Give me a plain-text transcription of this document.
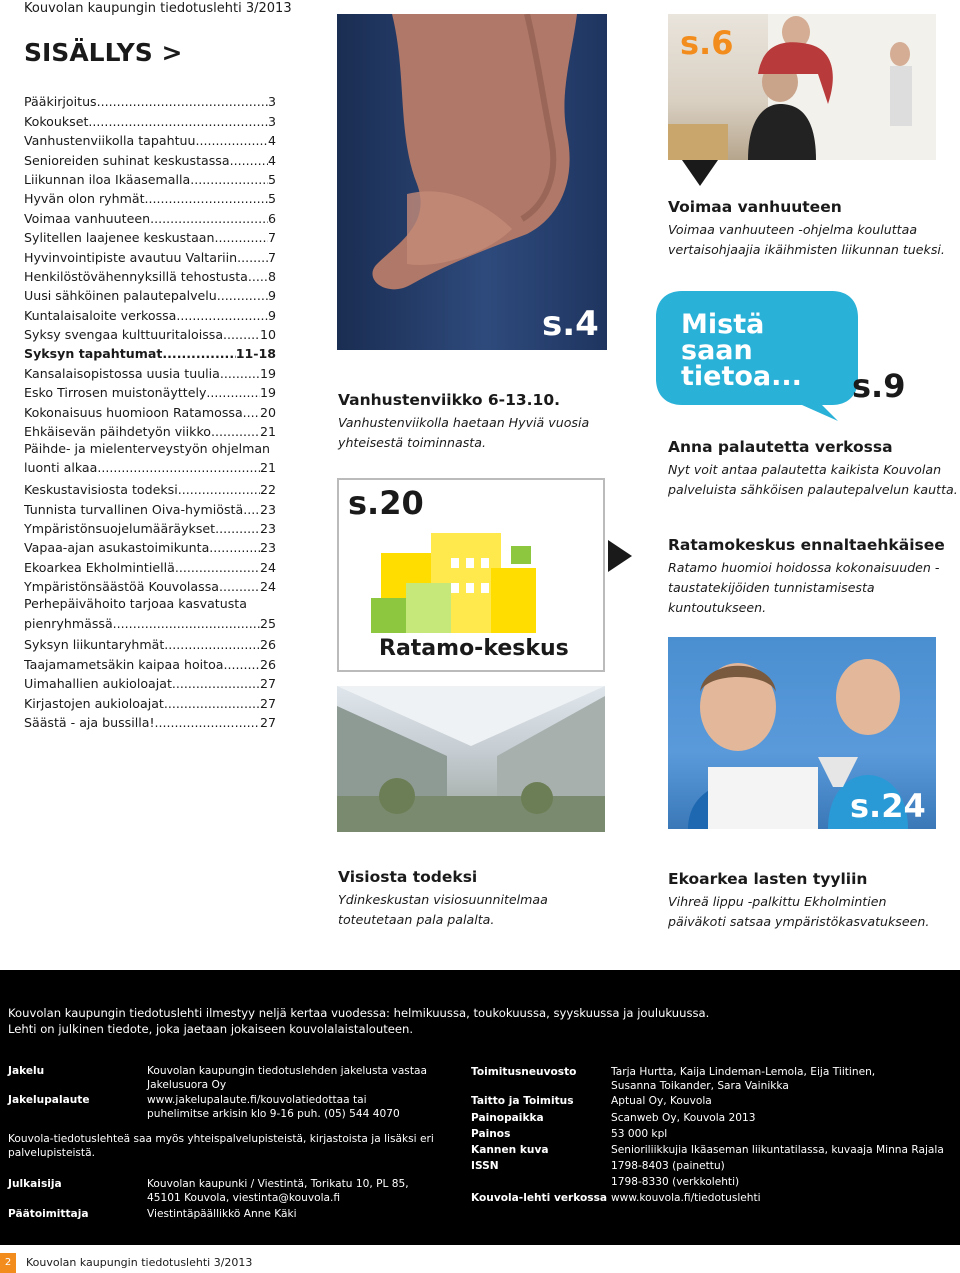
Kouvolan kaupungin tiedotuslehti 3/2013
SISÄLLYS >
Pääkirjoitus .....	3
Kokoukset .....	3
Vanhustenviikolla tapahtuu .....	4
Senioreiden suhinat keskustassa .....	4
Liikunnan iloa Ikäasemalla .....	5
Hyvän olon ryhmät .....	5
Voimaa vanhuuteen .....	6
Sylitellen laajenee keskustaan .....	7
Hyvinvointipiste avautuu Valtariin ..... 7
Henkilöstövähennyksillä tehostusta ..... 8
Uusi sähköinen palautepalvelu .....	9
Kuntalaisaloite verkossa .....	9
Syksy svengaa kulttuuritaloissa .....	10
Syksyn tapahtumat .....	11-18
Kansalaisopistossa uusia tuulia .....	19
Esko Tirrosen muistonäyttely .....	19
Kokonaisuus huomioon Ratamossa ..... 20
Ehkäisevän päihdetyön viikko .....	21
Päihde- ja mielenterveystyön ohjelman
luonti alkaa .....	21
Keskustavisiosta todeksi .....	22
Tunnista turvallinen Oiva-hymiöstä ..... 23
Ympäristönsuojelumääräykset .....	23
Vapaa-ajan asukastoimikunta .....	23
Ekoarkea Ekholmintiellä .....	24
Ympäristönsäästöä Kouvolassa .....	24
Perhepäivähoito tarjoaa kasvatusta
pienryhmässä .....	25
Syksyn liikuntaryhmät .....	26
Taajamametsäkin kaipaa hoitoa .....	26
Uimahallien aukioloajat .....	27
Kirjastojen aukioloajat .....	27
Säästä - aja bussilla! .....	27
s.4
Vanhustenviikko 6-13.10.
Vanhustenviikolla haetaan Hyviä vuosia yhteisestä toiminnasta.
s.6
Voimaa vanhuuteen
Voimaa vanhuuteen -ohjelma kouluttaa vertaisohjaajia ikäihmisten liikunnan tueksi.
Mistä saan tietoa...	s.9
Anna palautetta verkossa
Nyt voit antaa palautetta kaikista Kouvolan palveluista sähköisen palautepalvelun kautta.
s.20
Ratamo-keskus
Ratamokeskus ennaltaehkäisee
Ratamo huomioi hoidossa kokonaisuuden - taustatekijöiden tunnistamisesta kuntoutukseen.
Visiosta todeksi
Ydinkeskustan visiosuunnitelmaa toteutetaan pala palalta.
s.24
Ekoarkea lasten tyyliin
Vihreä lippu -palkittu Ekholmintien päiväkoti satsaa ympäristökasvatukseen.
Kouvolan kaupungin tiedotuslehti ilmestyy neljä kertaa vuodessa: helmikuussa, toukokuussa, syyskuussa ja joulukuussa.
Lehti on julkinen tiedote, joka jaetaan jokaiseen kouvolalaistalouteen.
Jakelu	Kouvolan kaupungin tiedotuslehden jakelusta vastaa Jakelusuora Oy
Jakelupalaute	www.jakelupalaute.fi/kouvolatiedottaa tai puhelimitse arkisin klo 9-16 puh. (05) 544 4070
Kouvola-tiedotuslehteä saa myös yhteispalvelupisteistä, kirjastoista ja lisäksi eri palvelupisteistä.
Julkaisija	Kouvolan kaupunki / Viestintä, Torikatu 10, PL 85, 45101 Kouvola, viestinta@kouvola.fi
Päätoimittaja	Viestintäpäällikkö Anne Käki
Toimitusneuvosto	Tarja Hurtta, Kaija Lindeman-Lemola, Eija Tiitinen, Susanna Toikander, Sara Vainikka
Taitto ja Toimitus	Aptual Oy, Kouvola
Painopaikka	Scanweb Oy, Kouvola 2013
Painos	53 000 kpl
Kannen kuva	Senioriliikkujia Ikäaseman liikuntatilassa, kuvaaja Minna Rajala
ISSN	1798-8403 (painettu)
1798-8330 (verkkolehti)
Kouvola-lehti verkossa www.kouvola.fi/tiedotuslehti
2	Kouvolan kaupungin tiedotuslehti 3/2013
